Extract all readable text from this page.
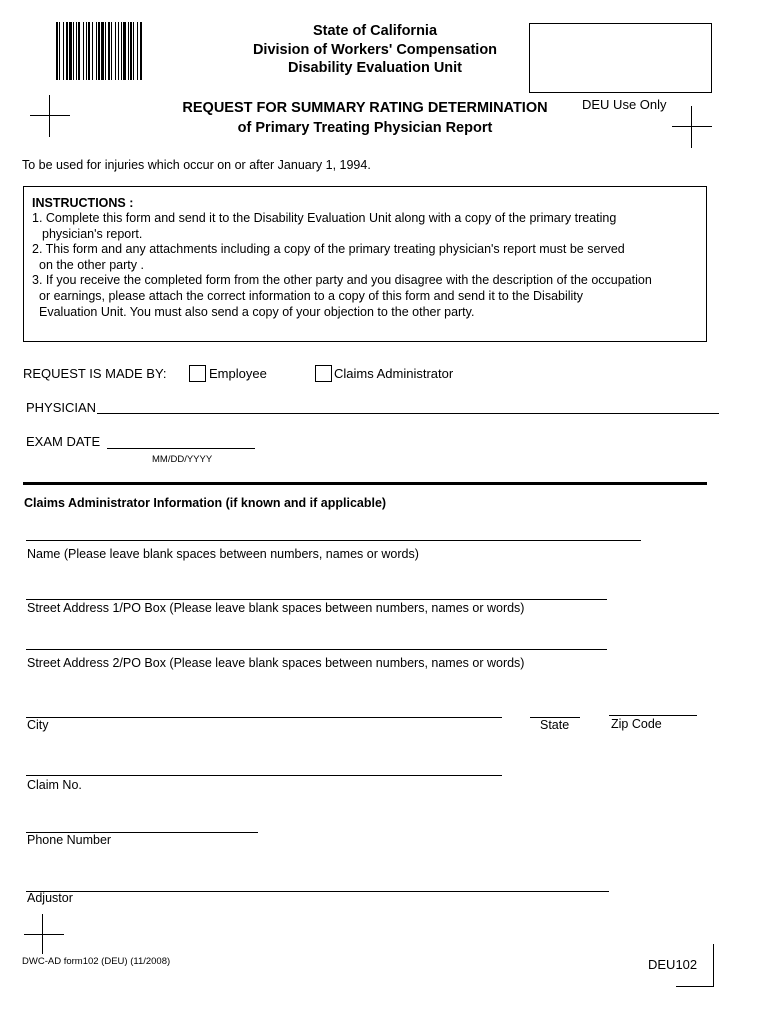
State of California
Division of Workers' Compensation
Disability Evaluation Unit
DEU Use Only
REQUEST FOR SUMMARY RATING DETERMINATION
of Primary Treating Physician Report
To be used for injuries which occur on or after January 1, 1994.
INSTRUCTIONS :
1. Complete this form and send it to the Disability Evaluation Unit along with a copy of the primary treating
physician's report.
2. This form and any attachments including a copy of the primary treating physician's report must be served
on the other party .
3. If you receive the completed form from the other party and you disagree with the description of the occupation
or earnings, please attach the correct information to a copy of this form and send it to the Disability
Evaluation Unit. You must also send a copy of your objection to the other party.
REQUEST IS MADE BY:	Employee	Claims Administrator
PHYSICIAN
EXAM DATE
MM/DD/YYYY
Claims Administrator Information (if known and if applicable)
Name (Please leave blank spaces between numbers, names or words)
Street Address 1/PO Box (Please leave blank spaces between numbers, names or words)
Street Address 2/PO Box (Please leave blank spaces between numbers, names or words)
City	State	Zip Code
Claim No.
Phone Number
Adjustor
DWC-AD form102 (DEU) (11/2008)	DEU102
